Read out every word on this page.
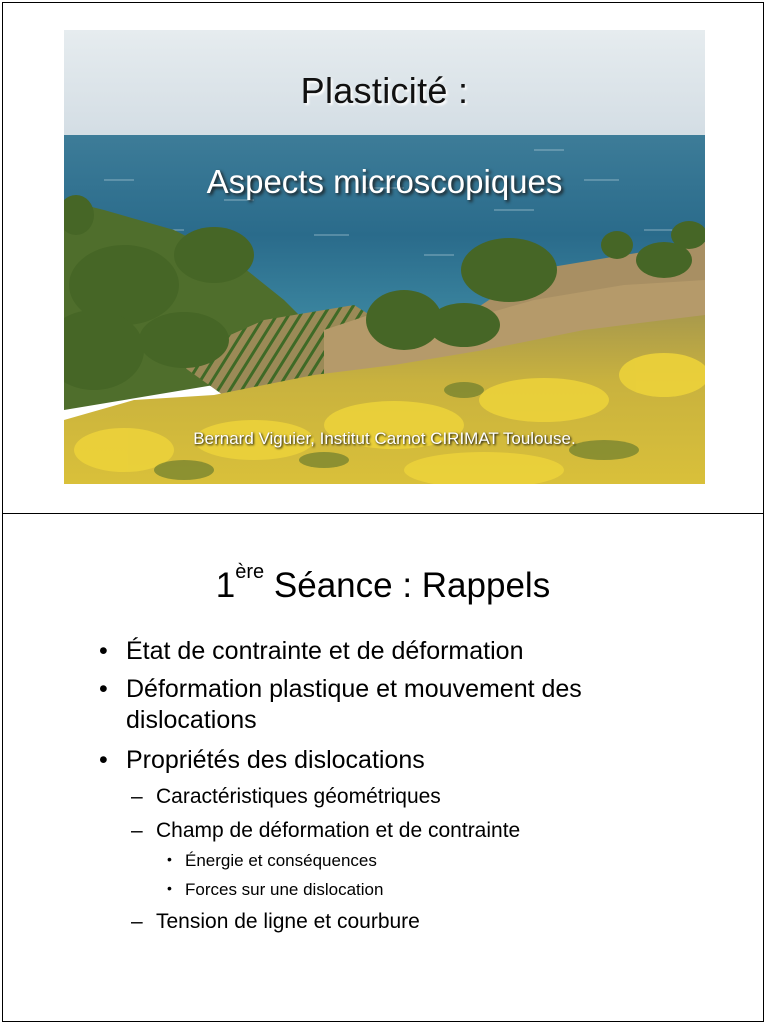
Plasticité :
Aspects microscopiques
Bernard Viguier, Institut Carnot CIRIMAT Toulouse.
1ère Séance : Rappels
• État de contrainte et de déformation
• Déformation plastique et mouvement des dislocations
• Propriétés des dislocations
– Caractéristiques géométriques
– Champ de déformation et de contrainte
• Énergie et conséquences
• Forces sur une dislocation
– Tension de ligne et courbure
